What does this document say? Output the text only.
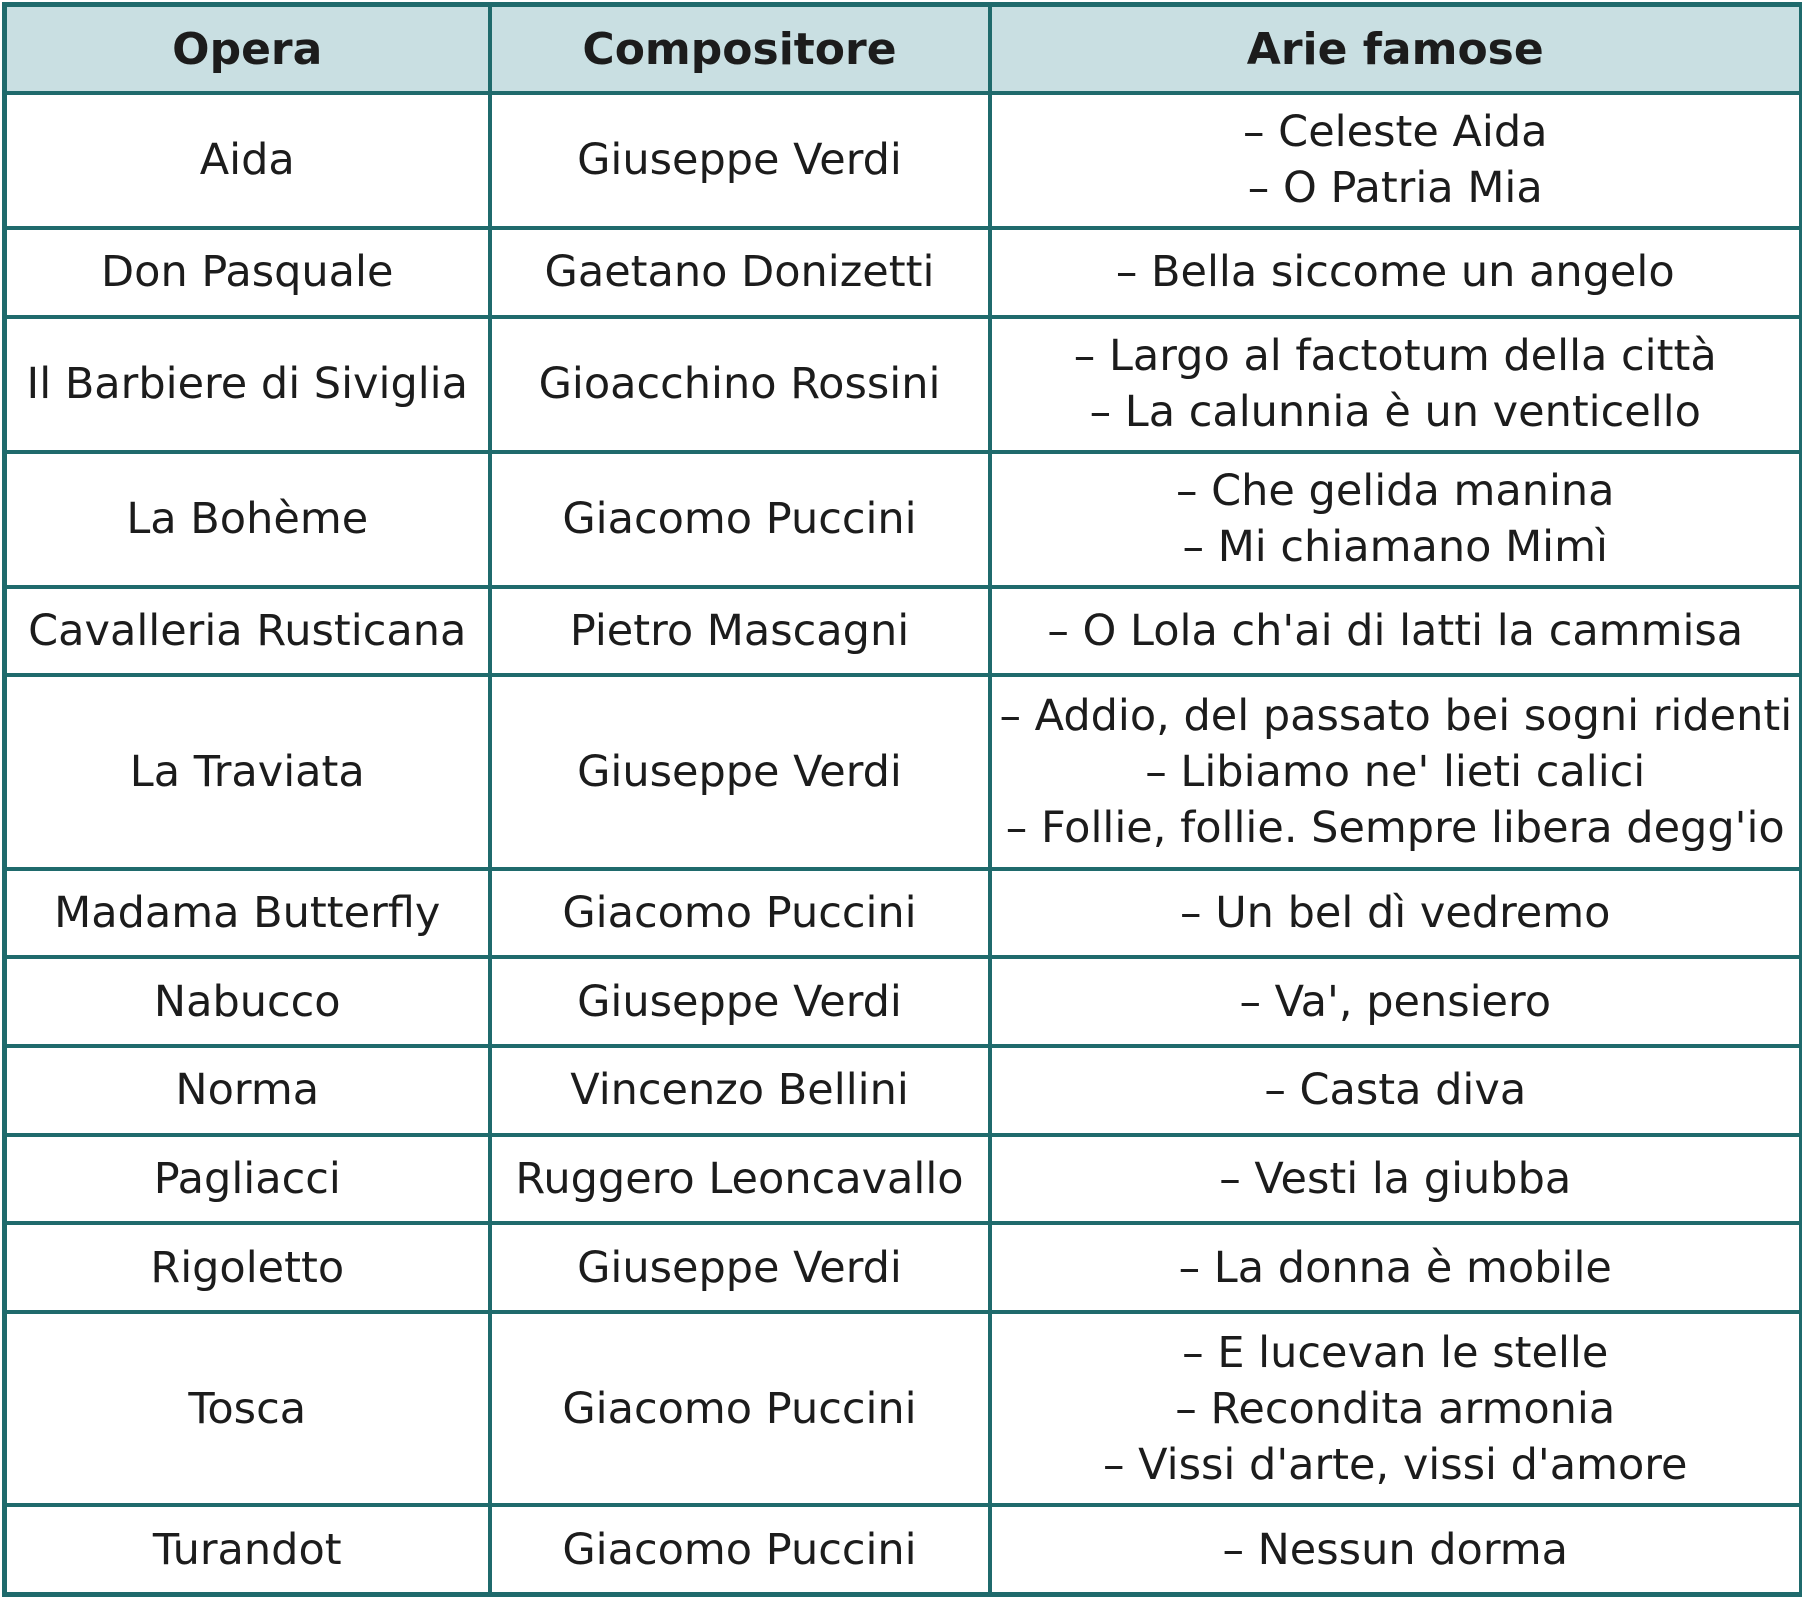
Opera	Compositore	Arie famose
Aida	Giuseppe Verdi	– Celeste Aida
– O Patria Mia

Don Pasquale	Gaetano Donizetti	– Bella siccome un angelo

Il Barbiere di Siviglia	Gioacchino Rossini	– Largo al factotum della città
– La calunnia è un venticello

La Bohème	Giacomo Puccini	– Che gelida manina
– Mi chiamano Mimì

Cavalleria Rusticana	Pietro Mascagni	– O Lola ch'ai di latti la cammisa

La Traviata	Giuseppe Verdi	– Addio, del passato bei sogni ridenti
– Libiamo ne' lieti calici
– Follie, follie. Sempre libera degg'io

Madama Butterfly	Giacomo Puccini	– Un bel dì vedremo

Nabucco	Giuseppe Verdi	– Va', pensiero

Norma	Vincenzo Bellini	– Casta diva

Pagliacci	Ruggero Leoncavallo	– Vesti la giubba

Rigoletto	Giuseppe Verdi	– La donna è mobile

Tosca	Giacomo Puccini	– E lucevan le stelle
– Recondita armonia
– Vissi d'arte, vissi d'amore

Turandot	Giacomo Puccini	– Nessun dorma
